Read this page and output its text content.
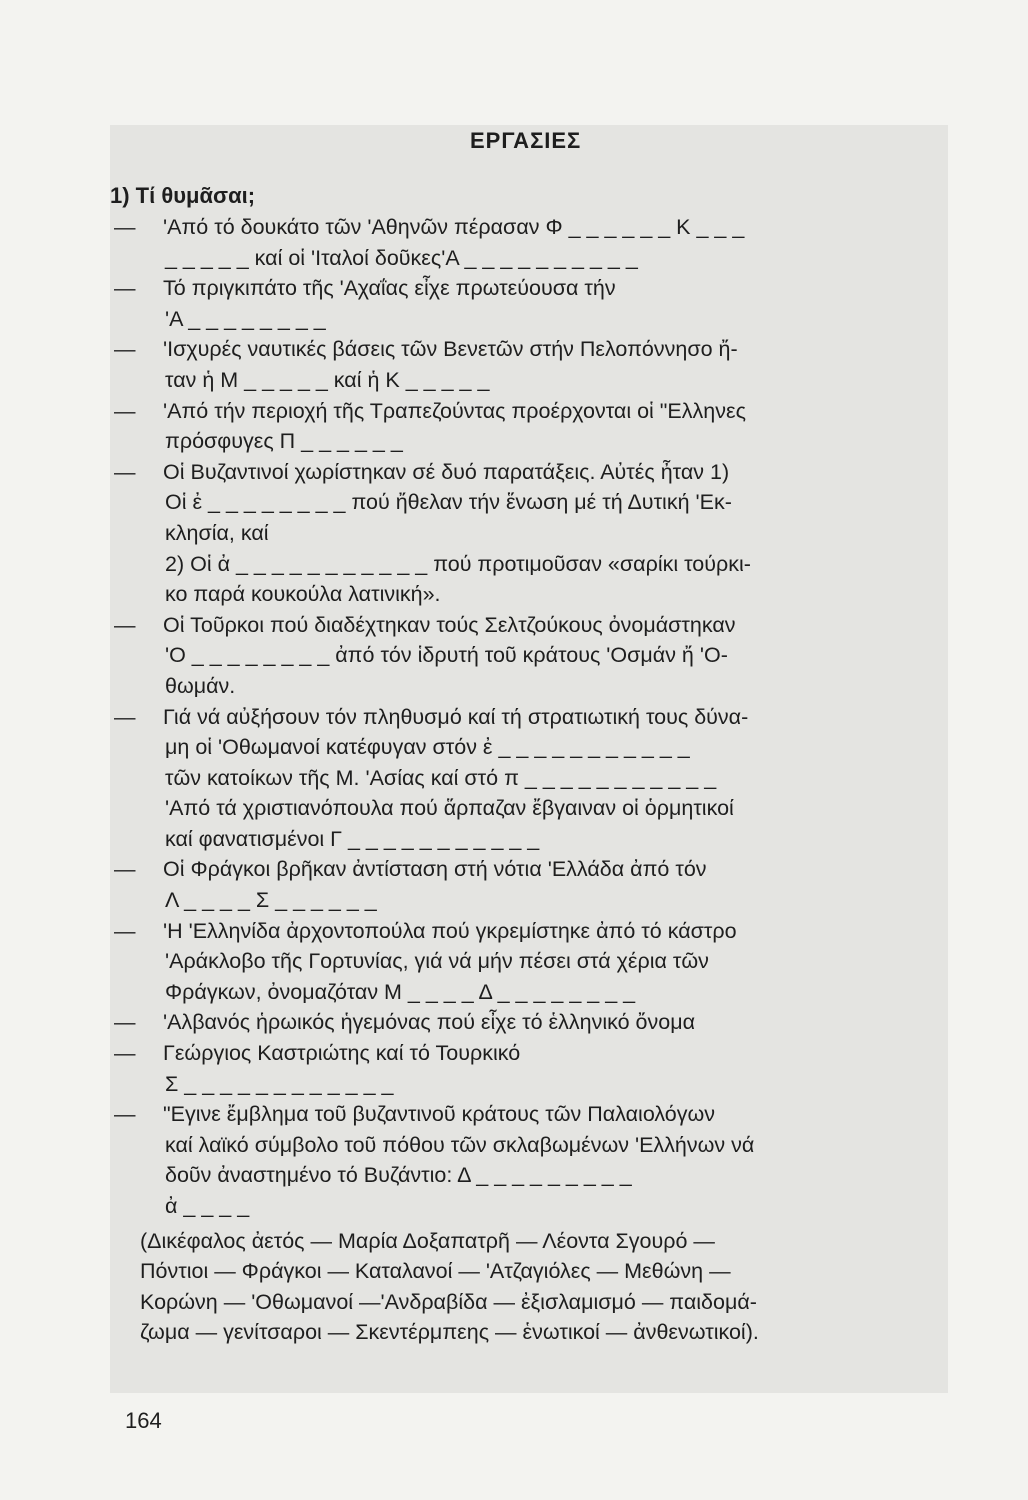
ΕΡΓΑΣΙΕΣ
1) Τί θυμᾶσαι;
— 'Από τό δουκάτο τῶν 'Αθηνῶν πέρασαν Φ _ _ _ _ _ _ Κ _ _ _
_ _ _ _ _ καί οἱ 'Ιταλοί δοῦκες'Α _ _ _ _ _ _ _ _ _ _
— Τό πριγκιπάτο τῆς 'Αχαΐας εἶχε πρωτεύουσα τήν
'Α _ _ _ _ _ _ _ _
— 'Ισχυρές ναυτικές βάσεις τῶν Βενετῶν στήν Πελοπόννησο ἤ-
ταν ἡ Μ _ _ _ _ _ καί ἡ Κ _ _ _ _ _
— 'Από τήν περιοχή τῆς Τραπεζούντας προέρχονται οἱ "Ελληνες
πρόσφυγες Π _ _ _ _ _ _
— Οἱ Βυζαντινοί χωρίστηκαν σέ δυό παρατάξεις. Αὐτές ἦταν 1)
Οἱ ἐ _ _ _ _ _ _ _ _ πού ἤθελαν τήν ἕνωση μέ τή Δυτική 'Εκ-
κλησία, καί
2) Οἱ ἀ _ _ _ _ _ _ _ _ _ _ _ πού προτιμοῦσαν «σαρίκι τούρκι-
κο παρά κουκούλα λατινική».
— Οἱ Τοῦρκοι πού διαδέχτηκαν τούς Σελτζούκους ὀνομάστηκαν
'Ο _ _ _ _ _ _ _ _ ἀπό τόν ἱδρυτή τοῦ κράτους 'Οσμάν ἤ 'Ο-
θωμάν.
— Γιά νά αὐξήσουν τόν πληθυσμό καί τή στρατιωτική τους δύνα-
μη οἱ 'Οθωμανοί κατέφυγαν στόν ἐ _ _ _ _ _ _ _ _ _ _ _
τῶν κατοίκων τῆς Μ. 'Ασίας καί στό π _ _ _ _ _ _ _ _ _ _ _
'Από τά χριστιανόπουλα πού ἅρπαζαν ἔβγαιναν οἱ ὁρμητικοί
καί φανατισμένοι Γ _ _ _ _ _ _ _ _ _ _ _
— Οἱ Φράγκοι βρῆκαν ἀντίσταση στή νότια 'Ελλάδα ἀπό τόν
Λ _ _ _ _ Σ _ _ _ _ _ _
— 'Η 'Ελληνίδα ἀρχοντοπούλα πού γκρεμίστηκε ἀπό τό κάστρο
'Αράκλοβο τῆς Γορτυνίας, γιά νά μήν πέσει στά χέρια τῶν
Φράγκων, ὀνομαζόταν Μ _ _ _ _ Δ _ _ _ _ _ _ _ _
— 'Αλβανός ἡρωικός ἡγεμόνας πού εἶχε τό ἑλληνικό ὄνομα
— Γεώργιος Καστριώτης καί τό Τουρκικό
Σ _ _ _ _ _ _ _ _ _ _ _ _
— "Εγινε ἔμβλημα τοῦ βυζαντινοῦ κράτους τῶν Παλαιολόγων
καί λαϊκό σύμβολο τοῦ πόθου τῶν σκλαβωμένων 'Ελλήνων νά
δοῦν ἀναστημένο τό Βυζάντιο: Δ _ _ _ _ _ _ _ _ _
ἀ _ _ _ _
(Δικέφαλος ἀετός — Μαρία Δοξαπατρῆ — Λέοντα Σγουρό —
Πόντιοι — Φράγκοι — Καταλανοί — 'Ατζαγιόλες — Μεθώνη —
Κορώνη — 'Οθωμανοί —'Ανδραβίδα — ἐξισλαμισμό — παιδομά-
ζωμα — γενίτσαροι — Σκεντέρμπεης — ἑνωτικοί — ἀνθενωτικοί).
164
